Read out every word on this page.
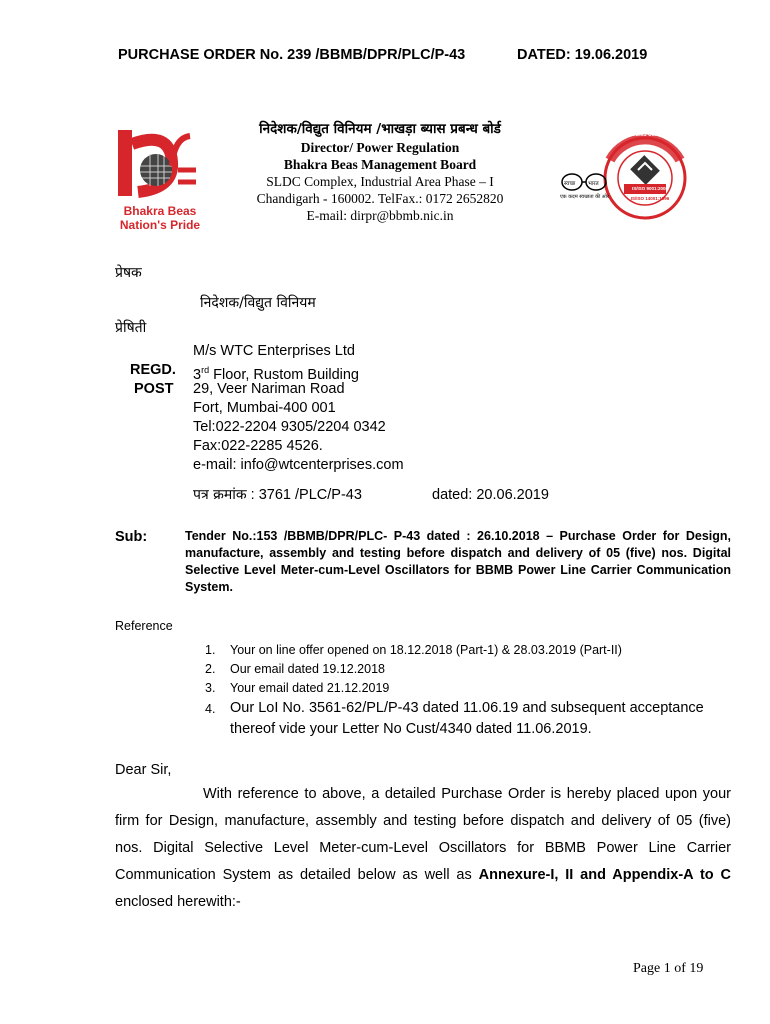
PURCHASE ORDER No. 239 /BBMB/DPR/PLC/P-43	DATED: 19.06.2019
Bhakra Beas
Nation's Pride
निदेशक/विद्युत विनियम /भाखड़ा ब्यास प्रबन्ध बोर्ड
Director/ Power Regulation
Bhakra Beas Management Board
SLDC Complex, Industrial Area Phase – I
Chandigarh - 160002. TelFax.: 0172 2652820
E-mail: dirpr@bbmb.nic.in
IS/ISO 9001:2008
IS/ISO 14001:1996
स्वच्छ भारत
एक कदम स्वच्छता की ओर
QMS & EMS Certified by Bureau of Indian Standards
प्रेषक
निदेशक/विद्युत विनियम
प्रेषिती
M/s WTC Enterprises Ltd
REGD. 3rd Floor, Rustom Building
POST 29, Veer Nariman Road
Fort, Mumbai-400 001
Tel:022-2204 9305/2204 0342
Fax:022-2285 4526.
e-mail: info@wtcenterprises.com
पत्र क्रमांक : 3761 /PLC/P-43	dated: 20.06.2019
Sub:	Tender No.:153 /BBMB/DPR/PLC- P-43 dated : 26.10.2018 – Purchase Order for Design, manufacture, assembly and testing before dispatch and delivery of 05 (five) nos. Digital Selective Level Meter-cum-Level Oscillators for BBMB Power Line Carrier Communication System.
Reference
1. Your on line offer opened on 18.12.2018 (Part-1) & 28.03.2019 (Part-II)
2. Our email dated 19.12.2018
3. Your email dated 21.12.2019
4. Our LoI No. 3561-62/PL/P-43 dated 11.06.19 and subsequent acceptance
thereof vide your Letter No Cust/4340 dated 11.06.2019.
Dear Sir,
With reference to above, a detailed Purchase Order is hereby placed upon your firm for Design, manufacture, assembly and testing before dispatch and delivery of 05 (five) nos. Digital Selective Level Meter-cum-Level Oscillators for BBMB Power Line Carrier Communication System as detailed below as well as Annexure-I, II and Appendix-A to C enclosed herewith:-
Page 1 of 19
